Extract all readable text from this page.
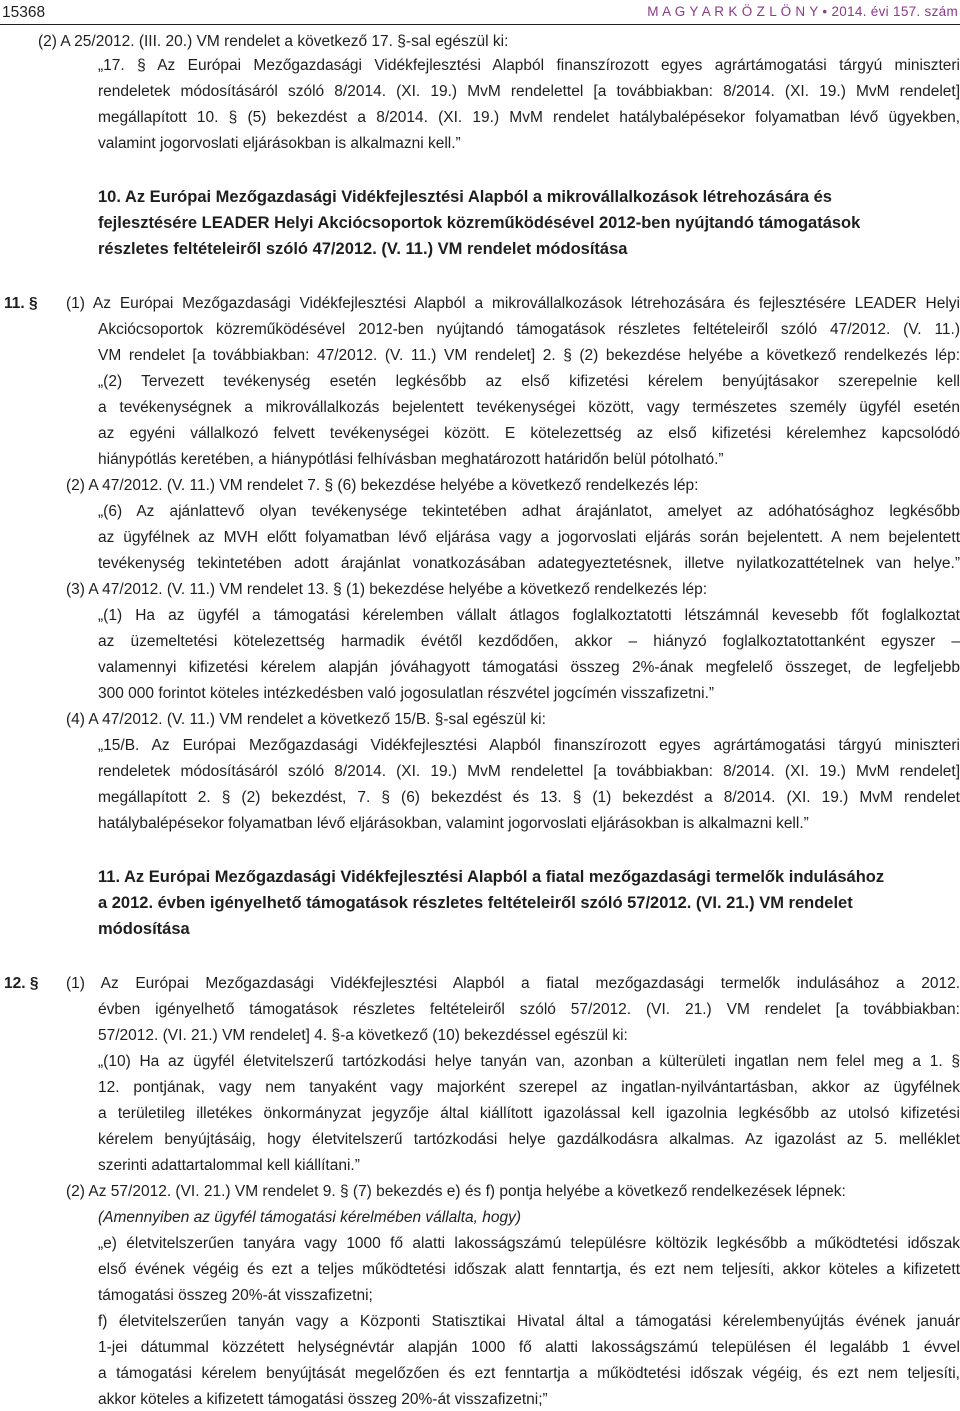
15368	M A G Y A R K Ö Z L Ö N Y • 2014. évi 157. szám
(2) A 25/2012. (III. 20.) VM rendelet a következő 17. §-sal egészül ki:
„17. § Az Európai Mezőgazdasági Vidékfejlesztési Alapból finanszírozott egyes agrártámogatási tárgyú miniszteri
rendeletek módosításáról szóló 8/2014. (XI. 19.) MvM rendelettel [a továbbiakban: 8/2014. (XI. 19.) MvM rendelet]
megállapított 10. § (5) bekezdést a 8/2014. (XI. 19.) MvM rendelet hatálybalépésekor folyamatban lévő ügyekben,
valamint jogorvoslati eljárásokban is alkalmazni kell.”
10. Az Európai Mezőgazdasági Vidékfejlesztési Alapból a mikrovállalkozások létrehozására és
fejlesztésére LEADER Helyi Akciócsoportok közreműködésével 2012-ben nyújtandó támogatások
részletes feltételeiről szóló 47/2012. (V. 11.) VM rendelet módosítása
(1) Az Európai Mezőgazdasági Vidékfejlesztési Alapból a mikrovállalkozások létrehozására és fejlesztésére LEADER Helyi
Akciócsoportok közreműködésével 2012-ben nyújtandó támogatások részletes feltételeiről szóló 47/2012. (V. 11.)
VM rendelet [a továbbiakban: 47/2012. (V. 11.) VM rendelet] 2. § (2) bekezdése helyébe a következő rendelkezés lép:
„(2) Tervezett tevékenység esetén legkésőbb az első kifizetési kérelem benyújtásakor szerepelnie kell
a tevékenységnek a mikrovállalkozás bejelentett tevékenységei között, vagy természetes személy ügyfél esetén
az egyéni vállalkozó felvett tevékenységei között. E kötelezettség az első kifizetési kérelemhez kapcsolódó
hiánypótlás keretében, a hiánypótlási felhívásban meghatározott határidőn belül pótolható.”
(2) A 47/2012. (V. 11.) VM rendelet 7. § (6) bekezdése helyébe a következő rendelkezés lép:
„(6) Az ajánlattevő olyan tevékenysége tekintetében adhat árajánlatot, amelyet az adóhatósághoz legkésőbb
az ügyfélnek az MVH előtt folyamatban lévő eljárása vagy a jogorvoslati eljárás során bejelentett. A nem bejelentett
tevékenység tekintetében adott árajánlat vonatkozásában adategyeztetésnek, illetve nyilatkozattételnek van helye.”
(3) A 47/2012. (V. 11.) VM rendelet 13. § (1) bekezdése helyébe a következő rendelkezés lép:
„(1) Ha az ügyfél a támogatási kérelemben vállalt átlagos foglalkoztatotti létszámnál kevesebb főt foglalkoztat
az üzemeltetési kötelezettség harmadik évétől kezdődően, akkor – hiányzó foglalkoztatottanként egyszer –
valamennyi kifizetési kérelem alapján jóváhagyott támogatási összeg 2%-ának megfelelő összeget, de legfeljebb
300 000 forintot köteles intézkedésben való jogosulatlan részvétel jogcímén visszafizetni.”
(4) A 47/2012. (V. 11.) VM rendelet a következő 15/B. §-sal egészül ki:
„15/B. Az Európai Mezőgazdasági Vidékfejlesztési Alapból finanszírozott egyes agrártámogatási tárgyú miniszteri
rendeletek módosításáról szóló 8/2014. (XI. 19.) MvM rendelettel [a továbbiakban: 8/2014. (XI. 19.) MvM rendelet]
megállapított 2. § (2) bekezdést, 7. § (6) bekezdést és 13. § (1) bekezdést a 8/2014. (XI. 19.) MvM rendelet
hatálybalépésekor folyamatban lévő eljárásokban, valamint jogorvoslati eljárásokban is alkalmazni kell.”
11. Az Európai Mezőgazdasági Vidékfejlesztési Alapból a fiatal mezőgazdasági termelők indulásához
a 2012. évben igényelhető támogatások részletes feltételeiről szóló 57/2012. (VI. 21.) VM rendelet
módosítása
(1) Az Európai Mezőgazdasági Vidékfejlesztési Alapból a fiatal mezőgazdasági termelők indulásához a 2012.
évben igényelhető támogatások részletes feltételeiről szóló 57/2012. (VI. 21.) VM rendelet [a továbbiakban:
57/2012. (VI. 21.) VM rendelet] 4. §-a következő (10) bekezdéssel egészül ki:
„(10) Ha az ügyfél életvitelszerű tartózkodási helye tanyán van, azonban a külterületi ingatlan nem felel meg a 1. §
12. pontjának, vagy nem tanyaként vagy majorként szerepel az ingatlan-nyilvántartásban, akkor az ügyfélnek
a területileg illetékes önkormányzat jegyzője által kiállított igazolással kell igazolnia legkésőbb az utolsó kifizetési
kérelem benyújtásáig, hogy életvitelszerű tartózkodási helye gazdálkodásra alkalmas. Az igazolást az 5. melléklet
szerinti adattartalommal kell kiállítani.”
(2) Az 57/2012. (VI. 21.) VM rendelet 9. § (7) bekezdés e) és f) pontja helyébe a következő rendelkezések lépnek:
(Amennyiben az ügyfél támogatási kérelmében vállalta, hogy)
„e) életvitelszerűen tanyára vagy 1000 fő alatti lakosságszámú településre költözik legkésőbb a működtetési időszak
első évének végéig és ezt a teljes működtetési időszak alatt fenntartja, és ezt nem teljesíti, akkor köteles a kifizetett
támogatási összeg 20%-át visszafizetni;
f) életvitelszerűen tanyán vagy a Központi Statisztikai Hivatal által a támogatási kérelembenyújtás évének január
1-jei dátummal közzétett helységnévtár alapján 1000 fő alatti lakosságszámú településen él legalább 1 évvel
a támogatási kérelem benyújtását megelőzően és ezt fenntartja a működtetési időszak végéig, és ezt nem teljesíti,
akkor köteles a kifizetett támogatási összeg 20%-át visszafizetni;”
11. §
12. §
